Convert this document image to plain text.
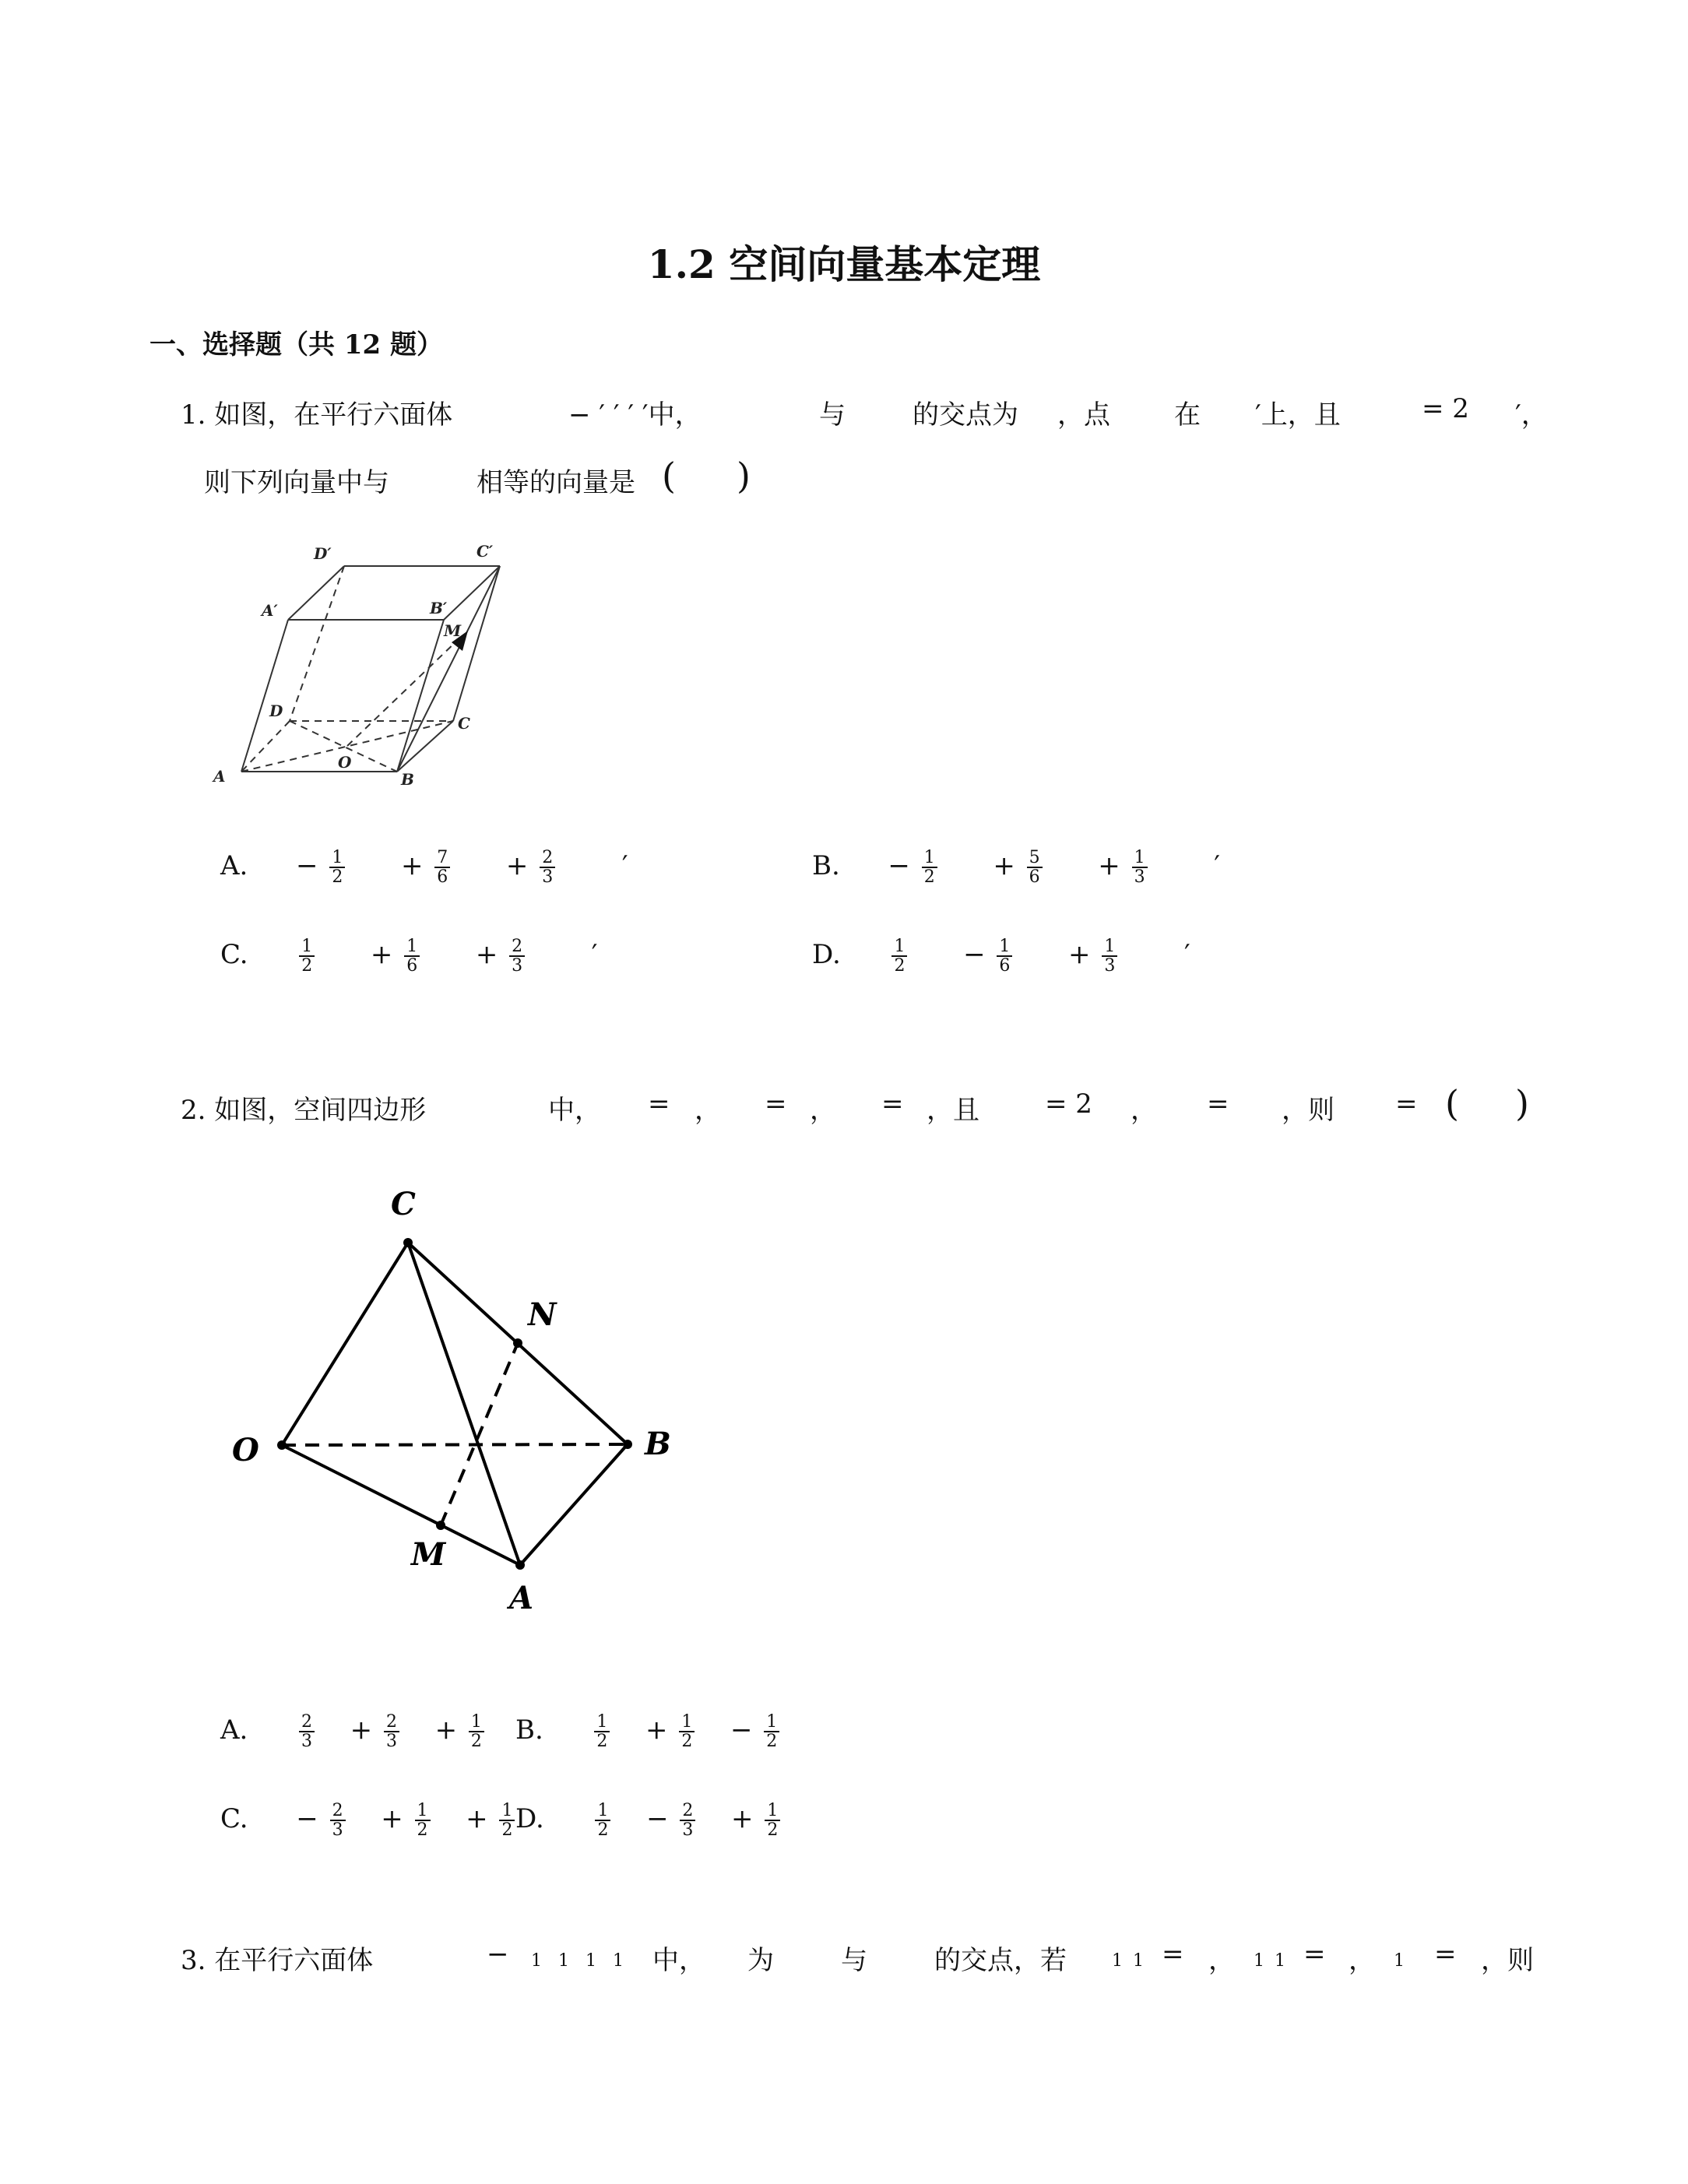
1.2 空间向量基本定理
一、选择题（共 12 题）
1. 如图，在平行六面体	− ′ ′ ′ ′中，	与	的交点为 ，点 在 ′上，且	= 2 ′，
则下列向量中与	相等的向量是 ( )
D′	C′
A′	B′
M
D
C
A
O
B
A. − $\frac{1}{2} + \frac{7}{6} + \frac{2}{3}$	′	B. − $\frac{1}{2} + \frac{5}{6} + \frac{1}{3}$	′
C.	$\frac{1}{2} + \frac{1}{6} + \frac{2}{3}$	′	D.	$\frac{1}{2} - \frac{1}{6} + \frac{1}{3}$	′
2. 如图，空间四边形	中， = ， = ， = ，且 = 2 ， = ，则 = ( )
C
N
O	B
M
A
A.	$\frac{2}{3} + \frac{2}{3} + \frac{1}{2} B$.	$\frac{1}{2} + \frac{1}{2} - \frac{1}{2}$
C. − $\frac{2}{3} + \frac{1}{2} + \frac{1}{2} D$.	$\frac{1}{2} - \frac{2}{3} + \frac{1}{2}$
3. 在平行六面体	− 1 1 1 1 中， 为	与	的交点，若	1 1 = ， 1 1 = ， 1 = ，则
